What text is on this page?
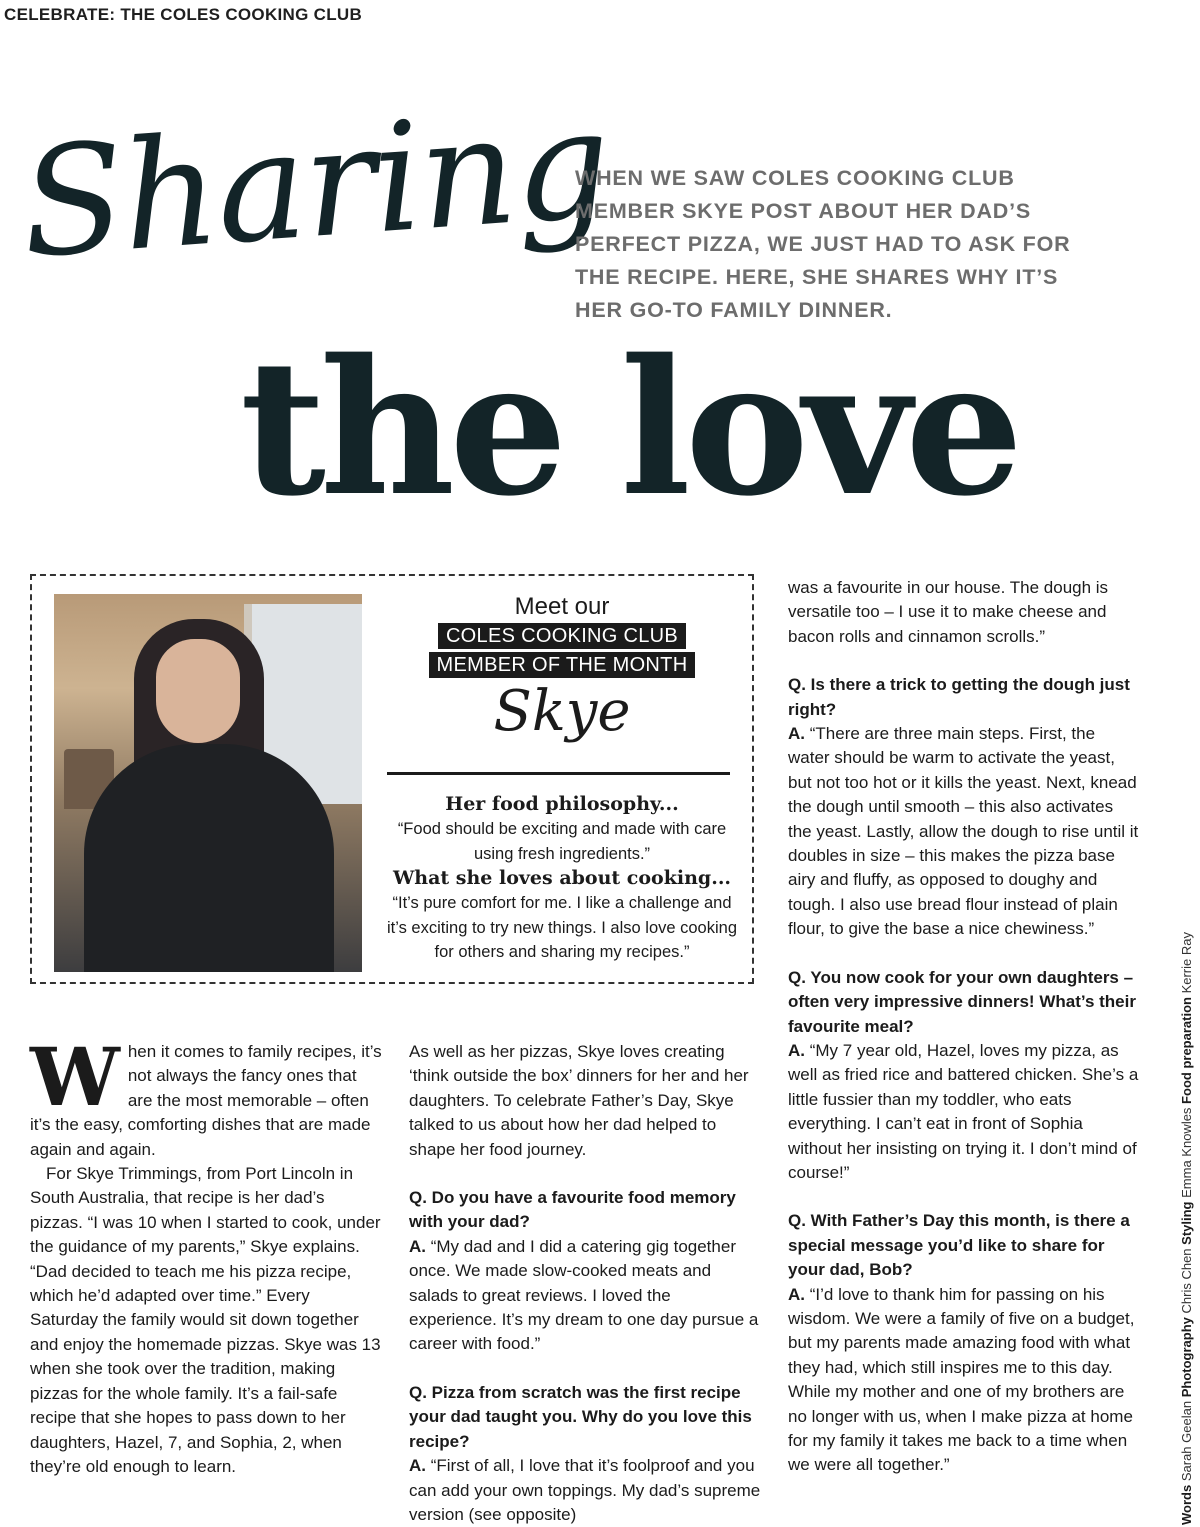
CELEBRATE: THE COLES COOKING CLUB
Sharing
the love
WHEN WE SAW COLES COOKING CLUB MEMBER SKYE POST ABOUT HER DAD’S PERFECT PIZZA, WE JUST HAD TO ASK FOR THE RECIPE. HERE, SHE SHARES WHY IT’S HER GO-TO FAMILY DINNER.
Meet our
COLES COOKING CLUB
MEMBER OF THE MONTH
Skye
Her food philosophy...
“Food should be exciting and made with care using fresh ingredients.”
What she loves about cooking...
“It’s pure comfort for me. I like a challenge and it’s exciting to try new things. I also love cooking for others and sharing my recipes.”

When it comes to family recipes, it’s not always the fancy ones that are the most memorable – often it’s the easy, comforting dishes that are made again and again.

For Skye Trimmings, from Port Lincoln in South Australia, that recipe is her dad’s pizzas. “I was 10 when I started to cook, under the guidance of my parents,” Skye explains. “Dad decided to teach me his pizza recipe, which he’d adapted over time.” Every Saturday the family would sit down together and enjoy the homemade pizzas. Skye was 13 when she took over the tradition, making pizzas for the whole family. It’s a fail-safe recipe that she hopes to pass down to her daughters, Hazel, 7, and Sophia, 2, when they’re old enough to learn.

As well as her pizzas, Skye loves creating ‘think outside the box’ dinners for her and her daughters. To celebrate Father’s Day, Skye talked to us about how her dad helped to shape her food journey.

Q. Do you have a favourite food memory with your dad?

A. “My dad and I did a catering gig together once. We made slow-cooked meats and salads to great reviews. I loved the experience. It’s my dream to one day pursue a career with food.”

Q. Pizza from scratch was the first recipe your dad taught you. Why do you love this recipe?

A. “First of all, I love that it’s foolproof and you can add your own toppings. My dad’s supreme version (see opposite)

was a favourite in our house. The dough is versatile too – I use it to make cheese and bacon rolls and cinnamon scrolls.”

Q. Is there a trick to getting the dough just right?

A. “There are three main steps. First, the water should be warm to activate the yeast, but not too hot or it kills the yeast. Next, knead the dough until smooth – this also activates the yeast. Lastly, allow the dough to rise until it doubles in size – this makes the pizza base airy and fluffy, as opposed to doughy and tough. I also use bread flour instead of plain flour, to give the base a nice chewiness.”

Q. You now cook for your own daughters – often very impressive dinners! What’s their favourite meal?

A. “My 7 year old, Hazel, loves my pizza, as well as fried rice and battered chicken. She’s a little fussier than my toddler, who eats everything. I can’t eat in front of Sophia without her insisting on trying it. I don’t mind of course!”

Q. With Father’s Day this month, is there a special message you’d like to share for your dad, Bob?

A. “I’d love to thank him for passing on his wisdom. We were a family of five on a budget, but my parents made amazing food with what they had, which still inspires me to this day. While my mother and one of my brothers are no longer with us, when I make pizza at home for my family it takes me back to a time when we were all together.”

Words Sarah Geelan Photography Chris Chen Styling Emma Knowles Food preparation Kerrie Ray
